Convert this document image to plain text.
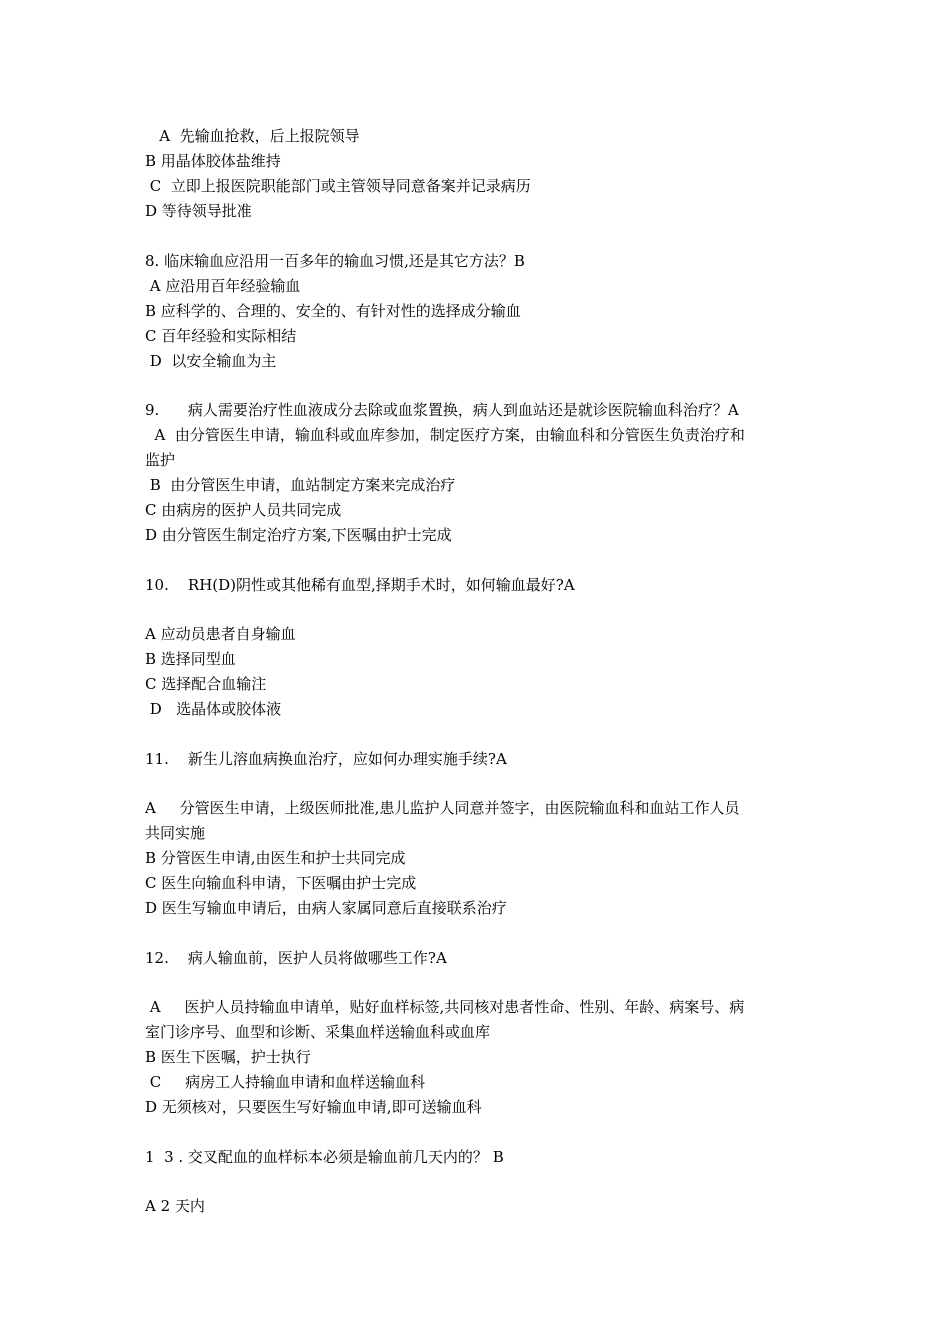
A  先输血抢救，后上报院领导
B 用晶体胶体盐维持
C  立即上报医院职能部门或主管领导同意备案并记录病历
D 等待领导批准
8. 临床输血应沿用一百多年的输血习惯,还是其它方法？B
A 应沿用百年经验输血
B 应科学的、合理的、安全的、有针对性的选择成分输血
C 百年经验和实际相结
D  以安全输血为主
9.      病人需要治疗性血液成分去除或血浆置换，病人到血站还是就诊医院输血科治疗？A
A  由分管医生申请，输血科或血库参加，制定医疗方案，由输血科和分管医生负责治疗和
监护
B  由分管医生申请，血站制定方案来完成治疗
C 由病房的医护人员共同完成
D 由分管医生制定治疗方案,下医嘱由护士完成
10.    RH(D)阴性或其他稀有血型,择期手术时，如何输血最好?A
A 应动员患者自身输血
B 选择同型血
C 选择配合血输注
D   选晶体或胶体液
11.    新生儿溶血病换血治疗，应如何办理实施手续?A
A     分管医生申请，上级医师批准,患儿监护人同意并签字，由医院输血科和血站工作人员
共同实施
B 分管医生申请,由医生和护士共同完成
C 医生向输血科申请，下医嘱由护士完成
D 医生写输血申请后，由病人家属同意后直接联系治疗
12.    病人输血前，医护人员将做哪些工作?A
A     医护人员持输血申请单，贴好血样标签,共同核对患者性命、性别、年龄、病案号、病
室门诊序号、血型和诊断、采集血样送输血科或血库
B 医生下医嘱，护士执行
C     病房工人持输血申请和血样送输血科
D 无须核对，只要医生写好输血申请,即可送输血科
1  3 . 交叉配血的血样标本必须是输血前几天内的？ B
A 2 天内
